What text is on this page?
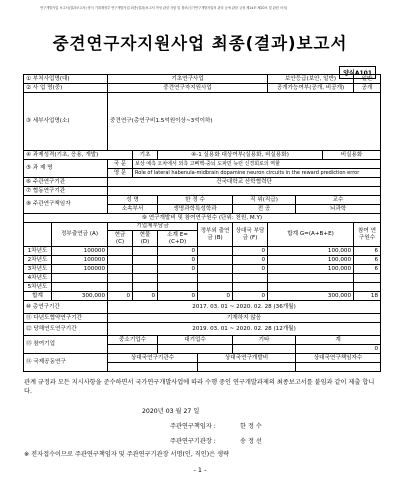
연구개발사업 보고서(결과보고서) 양식 기획재정부 연구개발사업 최종(결과)보고서 작성 관련 사항 및 참조(국가연구개발사업의 관리 등에 관한 규정 제14조·제20조 및 관련 서식)
중견연구자지원사업 최종(결과)보고서
양식A101
① 부처사업명(대)		기초연구사업					보안등급(보안, 일반)			일반
② 사 업 명(중)		중견연구자지원사업					공개가능여부(공개, 비공개)			공개
③ 세부사업명(소)		중견연구(총연구비1.5억원이상~3억이하)								
④ 과제성격(기초, 응용, 개발)			기초	④-1 실용화 대상여부(실용화, 비실용화)					비실용화	
⑤ 과 제 명		국 문	보상 예측 오차에서 외측 고삐핵-중뇌 도파민 뉴런 신경회로의 역할							
		영 문	Role of lateral habenula-midbrain dopamine neuron circuits in the reward prediction error							
⑥ 주관연구기관		건국대학교 산학협력단								
⑦ 협동연구기관										
⑧ 주관연구책임자		성 명		한 정 수		직 위(직급)		교수		
		소속부서		생명과학특성학과		전 공		뇌과학		
⑨ 연구개발비 및 참여연구원수 (단위: 천원, M.Y)										
	정부출연금 (A)	기업체부담금			정부외 출연금 (B)	상대국 부담금 (F)	합계 G=(A+B+E)			참여 연구원수
		현금 (C)	현물 (D)	소계 E=(C+D)						
1차년도	100000			0		0	100,000			6
2차년도	100000			0		0	100,000			6
3차년도	100000			0		0	100,000			6
4차년도										
5차년도										
합계	300,000	0	0	0	0	0	300,000			18
⑩ 총연구기간		2017. 03. 01 ~ 2020. 02. 28 (36개월)								
⑪ 다년도협약연구기간		기재하지 않음								
⑫ 당해연도연구기간		2019. 03. 01 ~ 2020. 02. 28 (12개월)								
⑬ 참여기업		중소기업수		대기업수		기타		계		
								0		
⑭ 국제공동연구		상대국연구기관수			상대국연구개발비			상대국연구책임자수		

관계 규정과 모든 지시사항을 준수하면서 국가연구개발사업에 따라 수행 중인 연구개발과제의 최종보고서를 붙임과 같이 제출 합니다.
2020년 03 월 27 일
주관연구책임자 :	한 정 수
주관연구기관장 :	송 정 선
※ 전자접수이므로 주관연구책임자 및 주관연구기관장 서명(인, 직인)은 생략
- 1 -
